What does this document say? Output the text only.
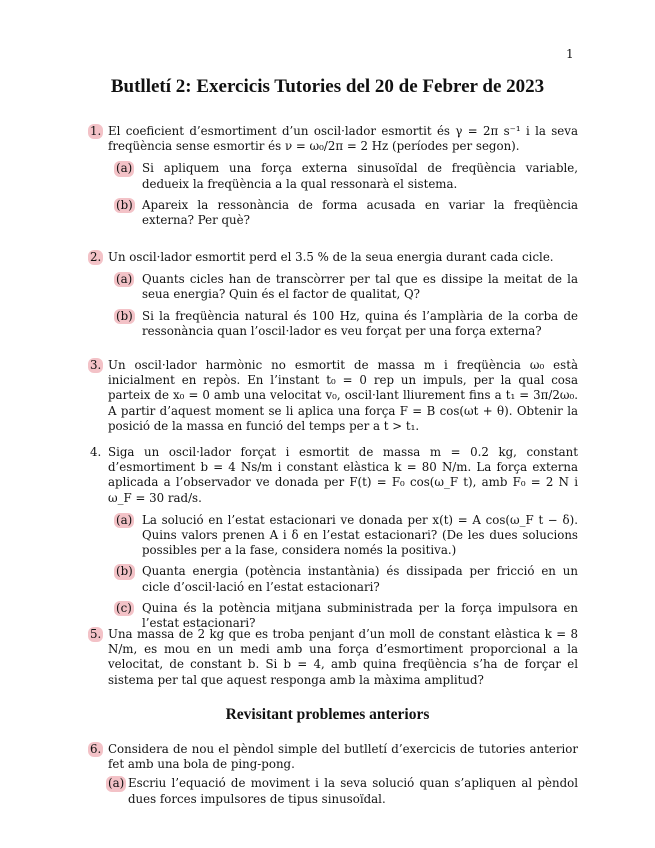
1
Butlletí 2: Exercicis Tutories del 20 de Febrer de 2023
1. El coeficient d’esmortiment d’un oscil·lador esmortit és γ = 2π s⁻¹ i la seva freqüència sense esmortir és ν = ω₀/2π = 2 Hz (períodes per segon).
(a) Si apliquem una força externa sinusoïdal de freqüència variable, dedueix la freqüència a la qual ressonarà el sistema.
(b) Apareix la ressonància de forma acusada en variar la freqüència externa? Per què?
2. Un oscil·lador esmortit perd el 3.5 % de la seua energia durant cada cicle.
(a) Quants cicles han de transcòrrer per tal que es dissipe la meitat de la seua energia? Quin és el factor de qualitat, Q?
(b) Si la freqüència natural és 100 Hz, quina és l’amplària de la corba de ressonància quan l’oscil·lador es veu forçat per una força externa?
3. Un oscil·lador harmònic no esmortit de massa m i freqüència ω₀ està inicialment en repòs. En l’instant t₀ = 0 rep un impuls, per la qual cosa parteix de x₀ = 0 amb una velocitat v₀, oscil·lant lliurement fins a t₁ = 3π/2ω₀. A partir d’aquest moment se li aplica una força F = B cos(ωt + θ). Obtenir la posició de la massa en funció del temps per a t > t₁.
4. Siga un oscil·lador forçat i esmortit de massa m = 0.2 kg, constant d’esmortiment b = 4 Ns/m i constant elàstica k = 80 N/m. La força externa aplicada a l’observador ve donada per F(t) = F₀ cos(ω_F t), amb F₀ = 2 N i ω_F = 30 rad/s.
(a) La solució en l’estat estacionari ve donada per x(t) = A cos(ω_F t − δ). Quins valors prenen A i δ en l’estat estacionari? (De les dues solucions possibles per a la fase, considera només la positiva.)
(b) Quanta energia (potència instantània) és dissipada per fricció en un cicle d’oscil·lació en l’estat estacionari?
(c) Quina és la potència mitjana subministrada per la força impulsora en l’estat estacionari?
5. Una massa de 2 kg que es troba penjant d’un moll de constant elàstica k = 8 N/m, es mou en un medi amb una força d’esmortiment proporcional a la velocitat, de constant b. Si b = 4, amb quina freqüència s’ha de forçar el sistema per tal que aquest responga amb la màxima amplitud?
Revisitant problemes anteriors
6. Considera de nou el pèndol simple del butlletí d’exercicis de tutories anterior fet amb una bola de ping-pong.
(a) Escriu l’equació de moviment i la seva solució quan s’apliquen al pèndol dues forces impulsores de tipus sinusoïdal.
